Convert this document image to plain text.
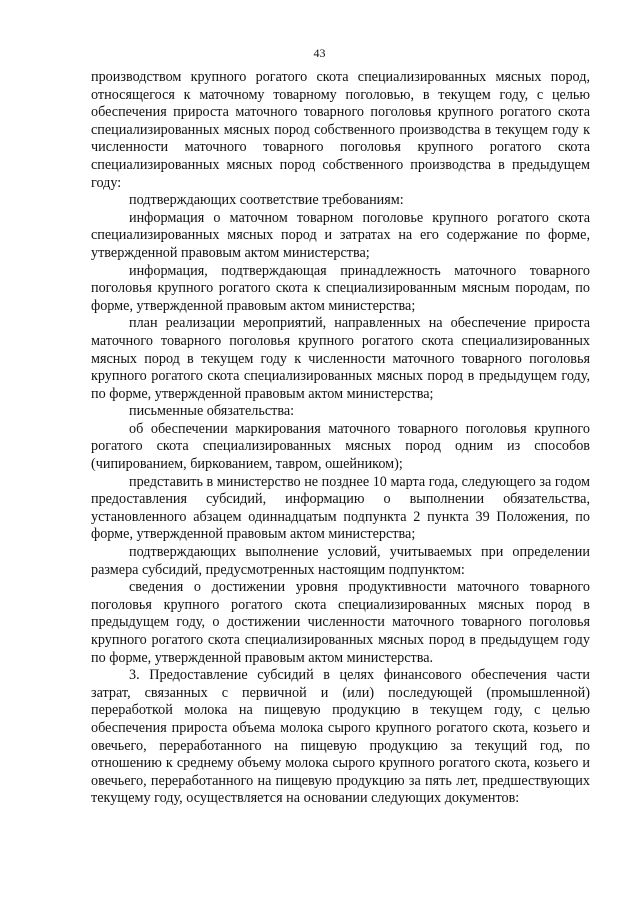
43

производством крупного рогатого скота специализированных мясных пород, относящегося к маточному товарному поголовью, в текущем году, с целью обеспечения прироста маточного товарного поголовья крупного рогатого скота специализированных мясных пород собственного производства в текущем году к численности маточного товарного поголовья крупного рогатого скота специализированных мясных пород собственного производства в предыдущем году:

подтверждающих соответствие требованиям:

информация о маточном товарном поголовье крупного рогатого скота специализированных мясных пород и затратах на его содержание по форме, утвержденной правовым актом министерства;

информация, подтверждающая принадлежность маточного товарного поголовья крупного рогатого скота к специализированным мясным породам, по форме, утвержденной правовым актом министерства;

план реализации мероприятий, направленных на обеспечение прироста маточного товарного поголовья крупного рогатого скота специализированных мясных пород в текущем году к численности маточного товарного поголовья крупного рогатого скота специализированных мясных пород в предыдущем году, по форме, утвержденной правовым актом министерства;

письменные обязательства:

об обеспечении маркирования маточного товарного поголовья крупного рогатого скота специализированных мясных пород одним из способов (чипированием, биркованием, тавром, ошейником);

представить в министерство не позднее 10 марта года, следующего за годом предоставления субсидий, информацию о выполнении обязательства, установленного абзацем одиннадцатым подпункта 2 пункта 39 Положения, по форме, утвержденной правовым актом министерства;

подтверждающих выполнение условий, учитываемых при определении размера субсидий, предусмотренных настоящим подпунктом:

сведения о достижении уровня продуктивности маточного товарного поголовья крупного рогатого скота специализированных мясных пород в предыдущем году, о достижении численности маточного товарного поголовья крупного рогатого скота специализированных мясных пород в предыдущем году по форме, утвержденной правовым актом министерства.

3. Предоставление субсидий в целях финансового обеспечения части затрат, связанных с первичной и (или) последующей (промышленной) переработкой молока на пищевую продукцию в текущем году, с целью обеспечения прироста объема молока сырого крупного рогатого скота, козьего и овечьего, переработанного на пищевую продукцию за текущий год, по отношению к среднему объему молока сырого крупного рогатого скота, козьего и овечьего, переработанного на пищевую продукцию за пять лет, предшествующих текущему году, осуществляется на основании следующих документов:
